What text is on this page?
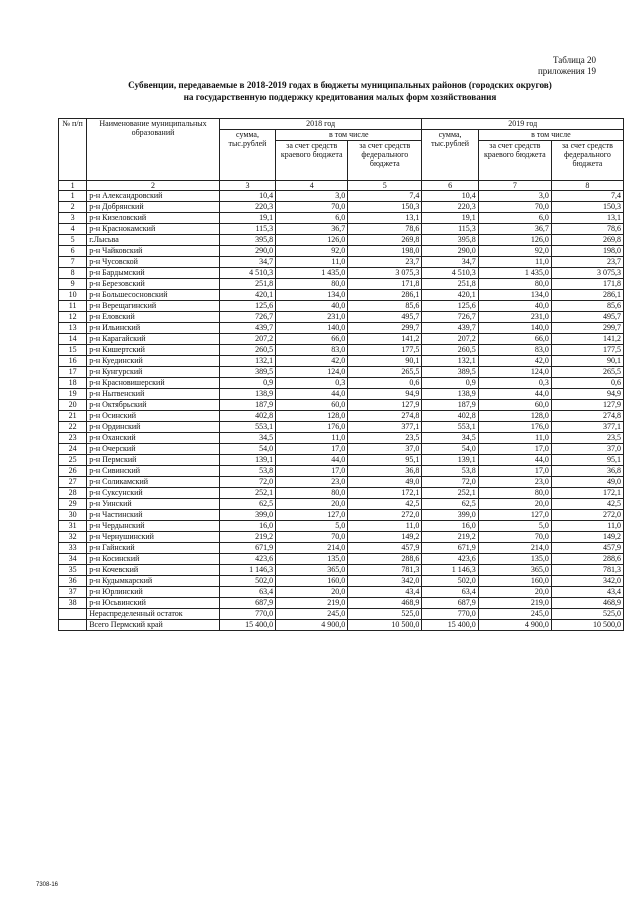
Таблица 20
приложения 19
Субвенции, передаваемые в 2018-2019 годах в бюджеты муниципальных районов (городских округов)
на государственную поддержку кредитования малых форм хозяйствования
№ п/п	Наименование муниципальных образований	2018 год			2019 год		
		сумма, тыс.рублей	в том числе		сумма, тыс.рублей	в том числе	
			за счет средств краевого бюджета	за счет средств федерального бюджета		за счет средств краевого бюджета	за счет средств федерального бюджета
1	2	3	4	5	6	7	8
1	р-н Александровский	10,4	3,0	7,4	10,4	3,0	7,4
2	р-н Добрянский	220,3	70,0	150,3	220,3	70,0	150,3
3	р-н Кизеловский	19,1	6,0	13,1	19,1	6,0	13,1
4	р-н Краснокамский	115,3	36,7	78,6	115,3	36,7	78,6
5	г.Лысьва	395,8	126,0	269,8	395,8	126,0	269,8
6	р-н Чайковский	290,0	92,0	198,0	290,0	92,0	198,0
7	р-н Чусовской	34,7	11,0	23,7	34,7	11,0	23,7
8	р-н Бардымский	4 510,3	1 435,0	3 075,3	4 510,3	1 435,0	3 075,3
9	р-н Березовский	251,8	80,0	171,8	251,8	80,0	171,8
10	р-н Большесосновский	420,1	134,0	286,1	420,1	134,0	286,1
11	р-н Верещагинский	125,6	40,0	85,6	125,6	40,0	85,6
12	р-н Еловский	726,7	231,0	495,7	726,7	231,0	495,7
13	р-н Ильинский	439,7	140,0	299,7	439,7	140,0	299,7
14	р-н Карагайский	207,2	66,0	141,2	207,2	66,0	141,2
15	р-н Кишертский	260,5	83,0	177,5	260,5	83,0	177,5
16	р-н Куединский	132,1	42,0	90,1	132,1	42,0	90,1
17	р-н Кунгурский	389,5	124,0	265,5	389,5	124,0	265,5
18	р-н Красновишерский	0,9	0,3	0,6	0,9	0,3	0,6
19	р-н Нытвенский	138,9	44,0	94,9	138,9	44,0	94,9
20	р-н Октябрьский	187,9	60,0	127,9	187,9	60,0	127,9
21	р-н Осинский	402,8	128,0	274,8	402,8	128,0	274,8
22	р-н Ординский	553,1	176,0	377,1	553,1	176,0	377,1
23	р-н Оханский	34,5	11,0	23,5	34,5	11,0	23,5
24	р-н Очерский	54,0	17,0	37,0	54,0	17,0	37,0
25	р-н Пермский	139,1	44,0	95,1	139,1	44,0	95,1
26	р-н Сивинский	53,8	17,0	36,8	53,8	17,0	36,8
27	р-н Соликамский	72,0	23,0	49,0	72,0	23,0	49,0
28	р-н Суксунский	252,1	80,0	172,1	252,1	80,0	172,1
29	р-н Уинский	62,5	20,0	42,5	62,5	20,0	42,5
30	р-н Частинский	399,0	127,0	272,0	399,0	127,0	272,0
31	р-н Чердынский	16,0	5,0	11,0	16,0	5,0	11,0
32	р-н Чернушинский	219,2	70,0	149,2	219,2	70,0	149,2
33	р-н Гайнский	671,9	214,0	457,9	671,9	214,0	457,9
34	р-н Косинский	423,6	135,0	288,6	423,6	135,0	288,6
35	р-н Кочевский	1 146,3	365,0	781,3	1 146,3	365,0	781,3
36	р-н Кудымкарский	502,0	160,0	342,0	502,0	160,0	342,0
37	р-н Юрлинский	63,4	20,0	43,4	63,4	20,0	43,4
38	р-н Юсьвинский	687,9	219,0	468,9	687,9	219,0	468,9
	Нераспределенный остаток	770,0	245,0	525,0	770,0	245,0	525,0
	Всего Пермский край	15 400,0	4 900,0	10 500,0	15 400,0	4 900,0	10 500,0
7308-16
